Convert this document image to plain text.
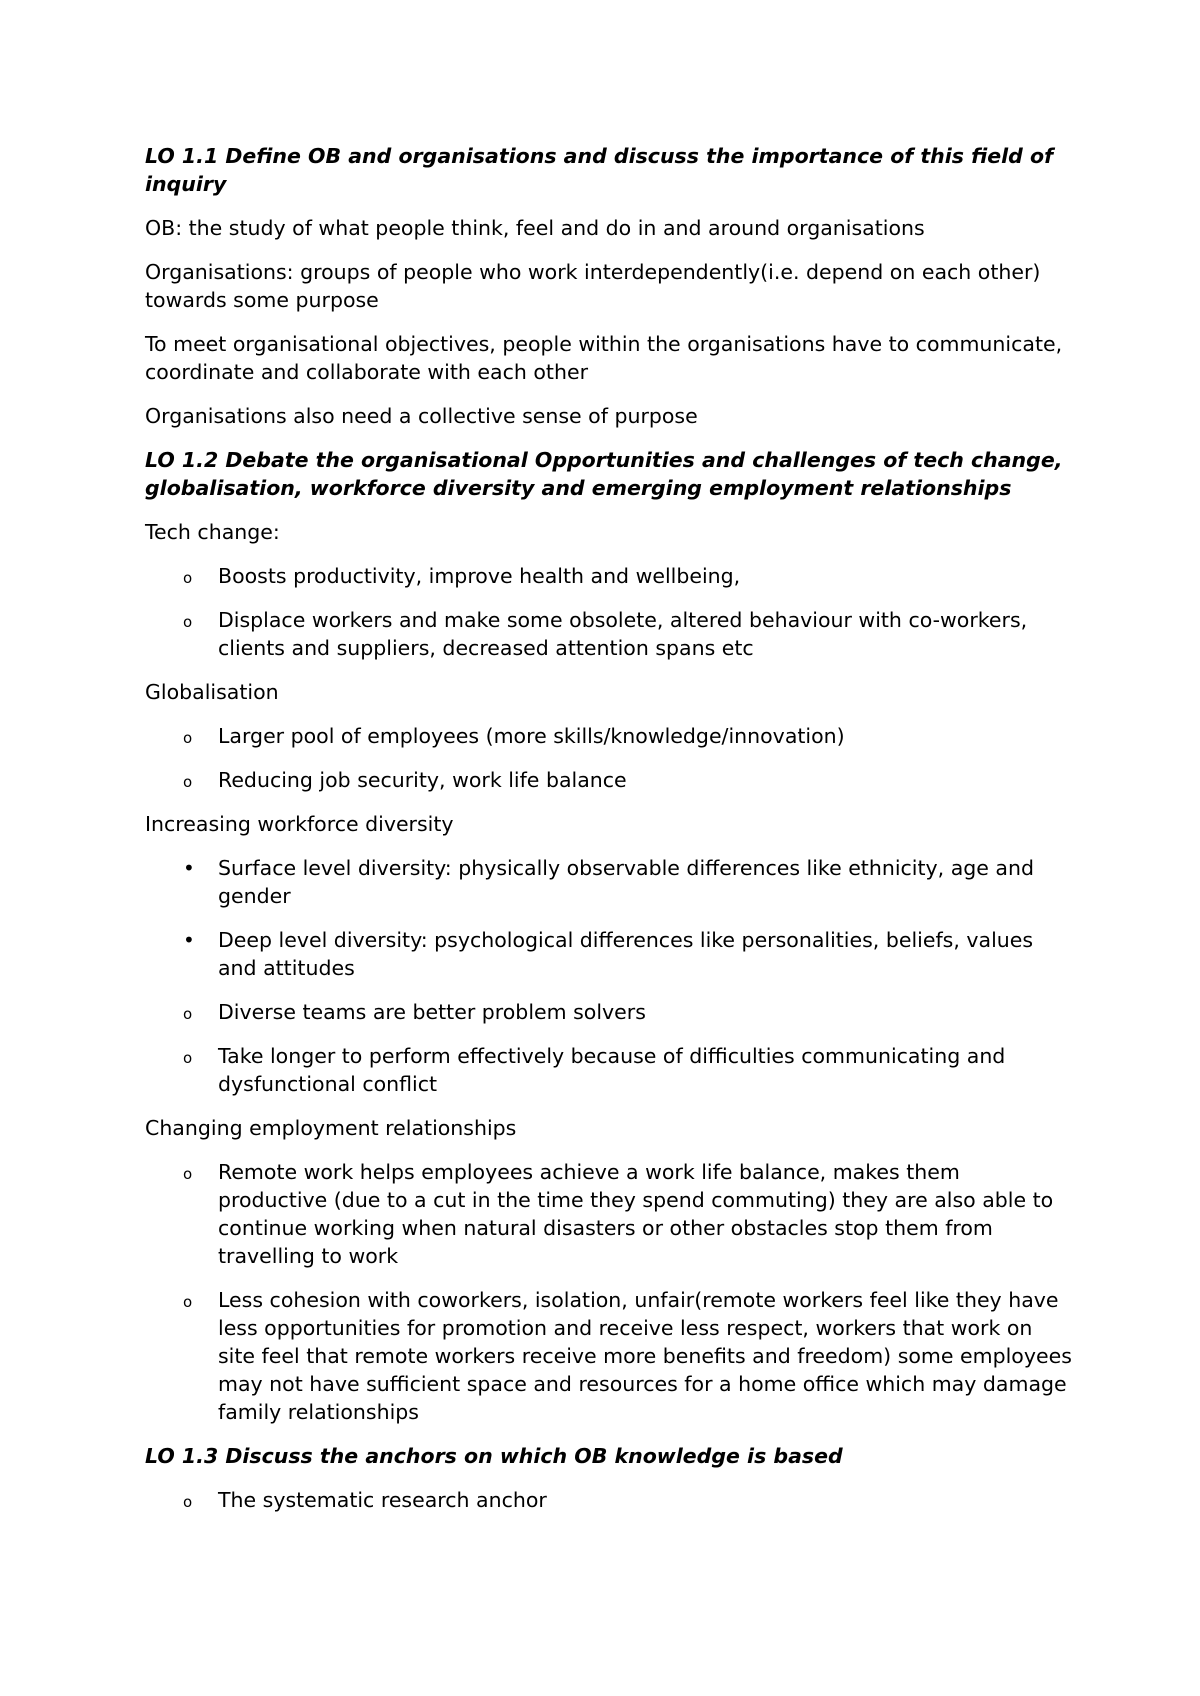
LO 1.1 Define OB and organisations and discuss the importance of this field of inquiry
OB: the study of what people think, feel and do in and around organisations
Organisations: groups of people who work interdependently(i.e. depend on each other) towards some purpose
To meet organisational objectives, people within the organisations have to communicate, coordinate and collaborate with each other
Organisations also need a collective sense of purpose
LO 1.2 Debate the organisational Opportunities and challenges of tech change, globalisation, workforce diversity and emerging employment relationships
Tech change:
o	Boosts productivity, improve health and wellbeing,
o	Displace workers and make some obsolete, altered behaviour with co-workers, clients and suppliers, decreased attention spans etc
Globalisation
o	Larger pool of employees (more skills/knowledge/innovation)
o	Reducing job security, work life balance
Increasing workforce diversity
•	Surface level diversity: physically observable differences like ethnicity, age and gender
•	Deep level diversity: psychological differences like personalities, beliefs, values and attitudes
o	Diverse teams are better problem solvers
o	Take longer to perform effectively because of difficulties communicating and dysfunctional conflict
Changing employment relationships
o	Remote work helps employees achieve a work life balance, makes them productive (due to a cut in the time they spend commuting) they are also able to continue working when natural disasters or other obstacles stop them from travelling to work
o	Less cohesion with coworkers, isolation, unfair(remote workers feel like they have less opportunities for promotion and receive less respect, workers that work on site feel that remote workers receive more benefits and freedom) some employees may not have sufficient space and resources for a home office which may damage family relationships
LO 1.3 Discuss the anchors on which OB knowledge is based
o	The systematic research anchor
